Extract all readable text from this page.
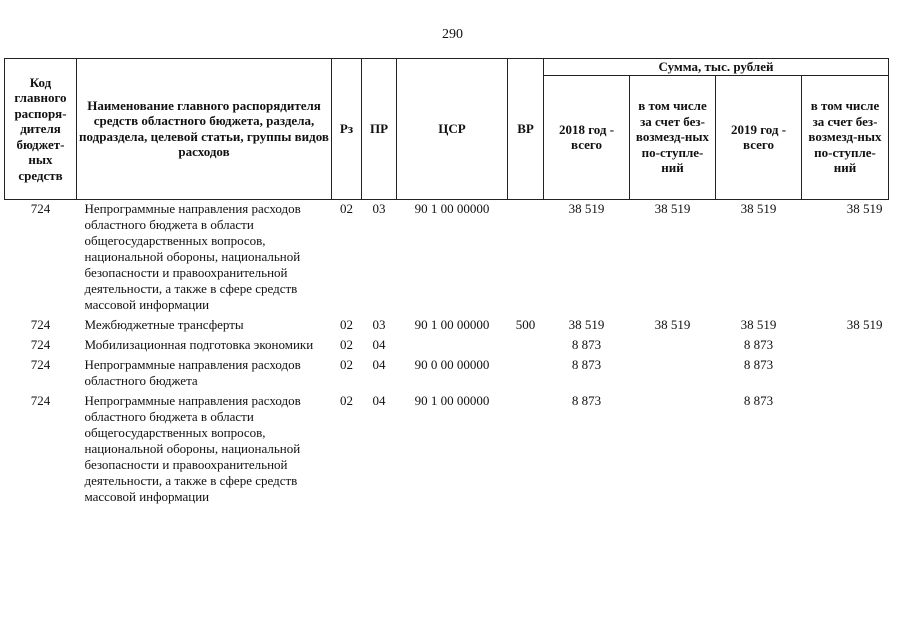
290
Код главного распоря-дителя бюджет-ных средств	Наименование главного распорядителя средств областного бюджета, раздела, подраздела, целевой статьи, группы видов расходов	Рз	ПР	ЦСР	ВР	Сумма, тыс. рублей			
						2018 год - всего	в том числе за счет без-возмезд-ных по-ступле-ний	2019 год - всего	в том числе за счет без-возмезд-ных по-ступле-ний
724	Непрограммные направления расходов областного бюджета в области общегосударственных вопросов, национальной обороны, национальной безопасности и правоохранительной деятельности, а также в сфере средств массовой информации	02	03	90 1 00 00000		38 519	38 519	38 519	38 519
724	Межбюджетные трансферты	02	03	90 1 00 00000	500	38 519	38 519	38 519	38 519
724	Мобилизационная подготовка экономики	02	04			8 873		8 873	
724	Непрограммные направления расходов областного бюджета	02	04	90 0 00 00000		8 873		8 873	
724	Непрограммные направления расходов областного бюджета в области общегосударственных вопросов, национальной обороны, национальной безопасности и правоохранительной деятельности, а также в сфере средств массовой информации	02	04	90 1 00 00000		8 873		8 873	
